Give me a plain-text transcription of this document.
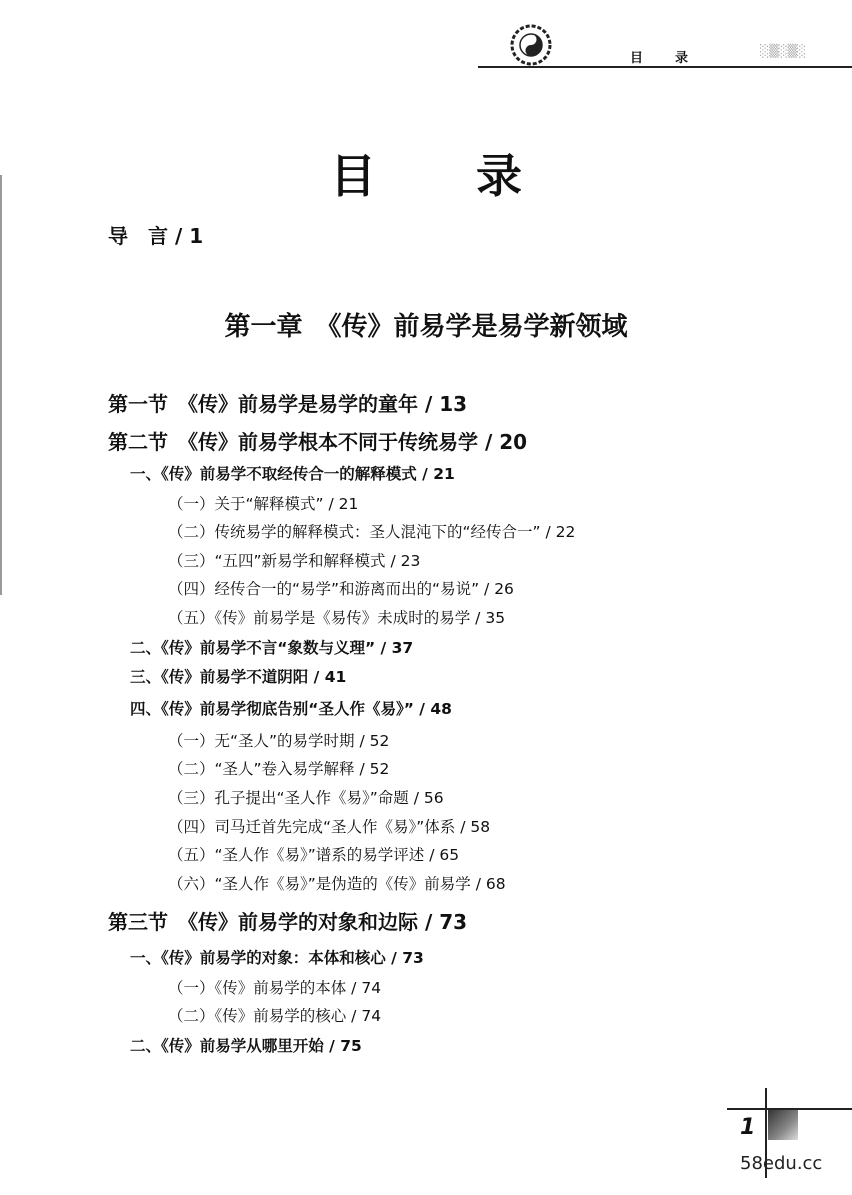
目录	░▒░▒░
目录
导　言 / 1
第一章　《传》前易学是易学新领域
第一节　《传》前易学是易学的童年 / 13
第二节　《传》前易学根本不同于传统易学 / 20
一、《传》前易学不取经传合一的解释模式 / 21
（一）关于“解释模式” / 21
（二）传统易学的解释模式：圣人混沌下的“经传合一” / 22
（三）“五四”新易学和解释模式 / 23
（四）经传合一的“易学”和游离而出的“易说” / 26
（五）《传》前易学是《易传》未成时的易学 / 35
二、《传》前易学不言“象数与义理” / 37
三、《传》前易学不道阴阳 / 41
四、《传》前易学彻底告别“圣人作《易》” / 48
（一）无“圣人”的易学时期 / 52
（二）“圣人”卷入易学解释 / 52
（三）孔子提出“圣人作《易》”命题 / 56
（四）司马迁首先完成“圣人作《易》”体系 / 58
（五）“圣人作《易》”谱系的易学评述 / 65
（六）“圣人作《易》”是伪造的《传》前易学 / 68
第三节　《传》前易学的对象和边际 / 73
一、《传》前易学的对象：本体和核心 / 73
（一）《传》前易学的本体 / 74
（二）《传》前易学的核心 / 74
二、《传》前易学从哪里开始 / 75
1
58edu.cc
